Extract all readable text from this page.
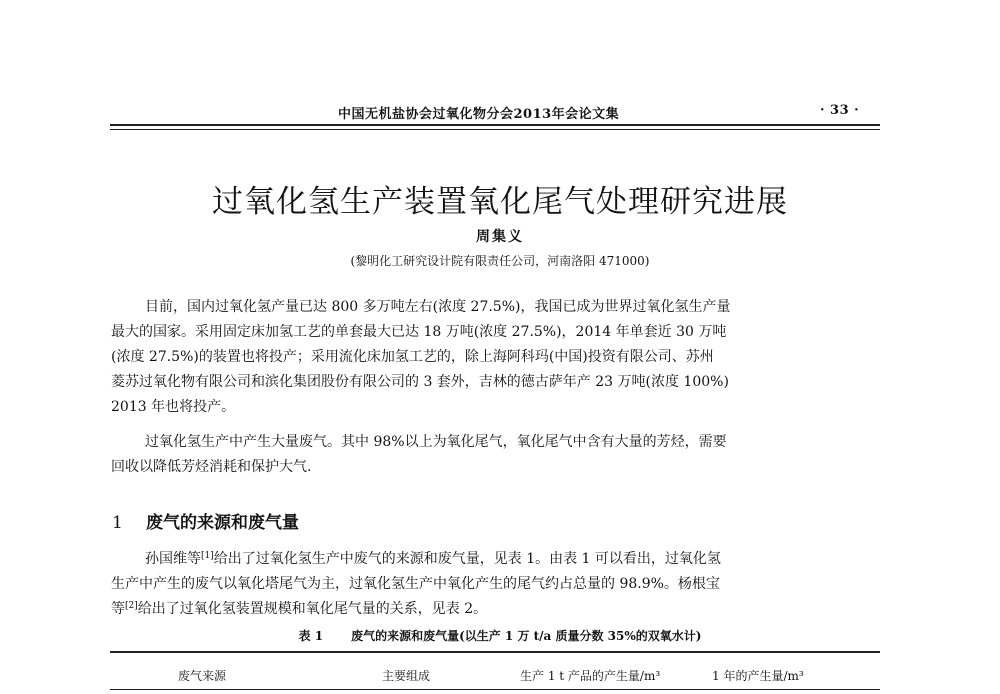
中国无机盐协会过氧化物分会2013年会论文集	· 33 ·
过氧化氢生产装置氧化尾气处理研究进展
周集义
(黎明化工研究设计院有限责任公司，河南洛阳 471000)
目前，国内过氧化氢产量已达 800 多万吨左右(浓度 27.5%)，我国已成为世界过氧化氢生产量
最大的国家。采用固定床加氢工艺的单套最大已达 18 万吨(浓度 27.5%)，2014 年单套近 30 万吨
(浓度 27.5%)的装置也将投产；采用流化床加氢工艺的，除上海阿科玛(中国)投资有限公司、苏州
菱苏过氧化物有限公司和滨化集团股份有限公司的 3 套外，吉林的德古萨年产 23 万吨(浓度 100%)
2013 年也将投产。
过氧化氢生产中产生大量废气。其中 98%以上为氧化尾气，氧化尾气中含有大量的芳烃，需要
回收以降低芳烃消耗和保护大气.
1 废气的来源和废气量
孙国维等[1]给出了过氧化氢生产中废气的来源和废气量，见表 1。由表 1 可以看出，过氧化氢
生产中产生的废气以氧化塔尾气为主，过氧化氢生产中氧化产生的尾气约占总量的 98.9%。杨根宝
等[2]给出了过氧化氢装置规模和氧化尾气量的关系，见表 2。
表 1 废气的来源和废气量(以生产 1 万 t/a 质量分数 35%的双氧水计)
废气来源	主要组成	生产 1 t 产品的产生量/m³	1 年的产生量/m³
